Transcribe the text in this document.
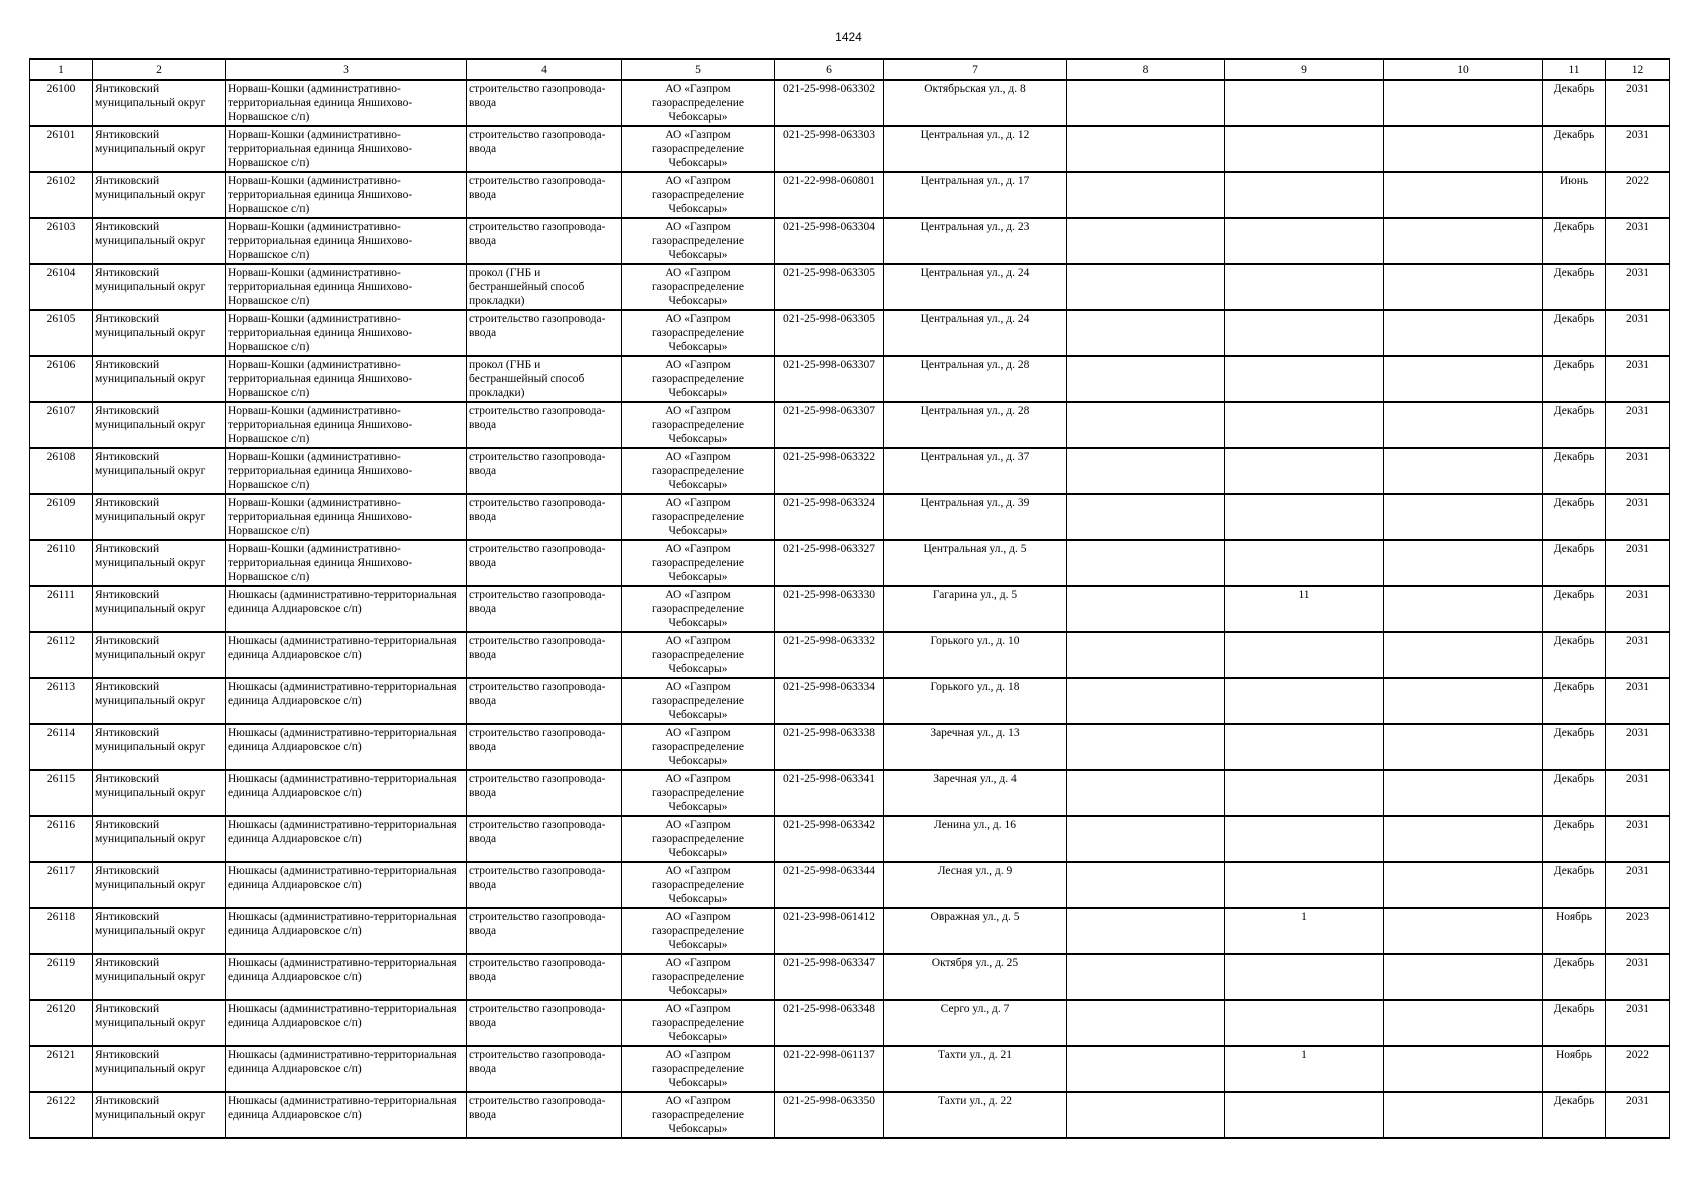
1424
1	2	3	4	5	6	7	8	9	10	11	12

26100	Янтиковский муниципальный округ	Норваш-Кошки (административно-территориальная единица Яншихово-Норвашское с/п)	строительство газопровода-ввода	АО «Газпром газораспределение Чебоксары»	021-25-998-063302	Октябрьская ул., д. 8				Декабрь	2031

26101	Янтиковский муниципальный округ	Норваш-Кошки (административно-территориальная единица Яншихово-Норвашское с/п)	строительство газопровода-ввода	АО «Газпром газораспределение Чебоксары»	021-25-998-063303	Центральная ул., д. 12				Декабрь	2031

26102	Янтиковский муниципальный округ	Норваш-Кошки (административно-территориальная единица Яншихово-Норвашское с/п)	строительство газопровода-ввода	АО «Газпром газораспределение Чебоксары»	021-22-998-060801	Центральная ул., д. 17				Июнь	2022

26103	Янтиковский муниципальный округ	Норваш-Кошки (административно-территориальная единица Яншихово-Норвашское с/п)	строительство газопровода-ввода	АО «Газпром газораспределение Чебоксары»	021-25-998-063304	Центральная ул., д. 23				Декабрь	2031

26104	Янтиковский муниципальный округ	Норваш-Кошки (административно-территориальная единица Яншихово-Норвашское с/п)	прокол (ГНБ и бестраншейный способ прокладки)	АО «Газпром газораспределение Чебоксары»	021-25-998-063305	Центральная ул., д. 24				Декабрь	2031

26105	Янтиковский муниципальный округ	Норваш-Кошки (административно-территориальная единица Яншихово-Норвашское с/п)	строительство газопровода-ввода	АО «Газпром газораспределение Чебоксары»	021-25-998-063305	Центральная ул., д. 24				Декабрь	2031

26106	Янтиковский муниципальный округ	Норваш-Кошки (административно-территориальная единица Яншихово-Норвашское с/п)	прокол (ГНБ и бестраншейный способ прокладки)	АО «Газпром газораспределение Чебоксары»	021-25-998-063307	Центральная ул., д. 28				Декабрь	2031

26107	Янтиковский муниципальный округ	Норваш-Кошки (административно-территориальная единица Яншихово-Норвашское с/п)	строительство газопровода-ввода	АО «Газпром газораспределение Чебоксары»	021-25-998-063307	Центральная ул., д. 28				Декабрь	2031

26108	Янтиковский муниципальный округ	Норваш-Кошки (административно-территориальная единица Яншихово-Норвашское с/п)	строительство газопровода-ввода	АО «Газпром газораспределение Чебоксары»	021-25-998-063322	Центральная ул., д. 37				Декабрь	2031

26109	Янтиковский муниципальный округ	Норваш-Кошки (административно-территориальная единица Яншихово-Норвашское с/п)	строительство газопровода-ввода	АО «Газпром газораспределение Чебоксары»	021-25-998-063324	Центральная ул., д. 39				Декабрь	2031

26110	Янтиковский муниципальный округ	Норваш-Кошки (административно-территориальная единица Яншихово-Норвашское с/п)	строительство газопровода-ввода	АО «Газпром газораспределение Чебоксары»	021-25-998-063327	Центральная ул., д. 5				Декабрь	2031

26111	Янтиковский муниципальный округ	Нюшкасы (административно-территориальная единица Алдиаровское с/п)	строительство газопровода-ввода	АО «Газпром газораспределение Чебоксары»	021-25-998-063330	Гагарина ул., д. 5		11		Декабрь	2031

26112	Янтиковский муниципальный округ	Нюшкасы (административно-территориальная единица Алдиаровское с/п)	строительство газопровода-ввода	АО «Газпром газораспределение Чебоксары»	021-25-998-063332	Горького ул., д. 10				Декабрь	2031

26113	Янтиковский муниципальный округ	Нюшкасы (административно-территориальная единица Алдиаровское с/п)	строительство газопровода-ввода	АО «Газпром газораспределение Чебоксары»	021-25-998-063334	Горького ул., д. 18				Декабрь	2031

26114	Янтиковский муниципальный округ	Нюшкасы (административно-территориальная единица Алдиаровское с/п)	строительство газопровода-ввода	АО «Газпром газораспределение Чебоксары»	021-25-998-063338	Заречная ул., д. 13				Декабрь	2031

26115	Янтиковский муниципальный округ	Нюшкасы (административно-территориальная единица Алдиаровское с/п)	строительство газопровода-ввода	АО «Газпром газораспределение Чебоксары»	021-25-998-063341	Заречная ул., д. 4				Декабрь	2031

26116	Янтиковский муниципальный округ	Нюшкасы (административно-территориальная единица Алдиаровское с/п)	строительство газопровода-ввода	АО «Газпром газораспределение Чебоксары»	021-25-998-063342	Ленина ул., д. 16				Декабрь	2031

26117	Янтиковский муниципальный округ	Нюшкасы (административно-территориальная единица Алдиаровское с/п)	строительство газопровода-ввода	АО «Газпром газораспределение Чебоксары»	021-25-998-063344	Лесная ул., д. 9				Декабрь	2031

26118	Янтиковский муниципальный округ	Нюшкасы (административно-территориальная единица Алдиаровское с/п)	строительство газопровода-ввода	АО «Газпром газораспределение Чебоксары»	021-23-998-061412	Овражная ул., д. 5		1		Ноябрь	2023

26119	Янтиковский муниципальный округ	Нюшкасы (административно-территориальная единица Алдиаровское с/п)	строительство газопровода-ввода	АО «Газпром газораспределение Чебоксары»	021-25-998-063347	Октября ул., д. 25				Декабрь	2031

26120	Янтиковский муниципальный округ	Нюшкасы (административно-территориальная единица Алдиаровское с/п)	строительство газопровода-ввода	АО «Газпром газораспределение Чебоксары»	021-25-998-063348	Серго ул., д. 7				Декабрь	2031

26121	Янтиковский муниципальный округ	Нюшкасы (административно-территориальная единица Алдиаровское с/п)	строительство газопровода-ввода	АО «Газпром газораспределение Чебоксары»	021-22-998-061137	Тахти ул., д. 21		1		Ноябрь	2022

26122	Янтиковский муниципальный округ	Нюшкасы (административно-территориальная единица Алдиаровское с/п)	строительство газопровода-ввода	АО «Газпром газораспределение Чебоксары»	021-25-998-063350	Тахти ул., д. 22				Декабрь	2031
